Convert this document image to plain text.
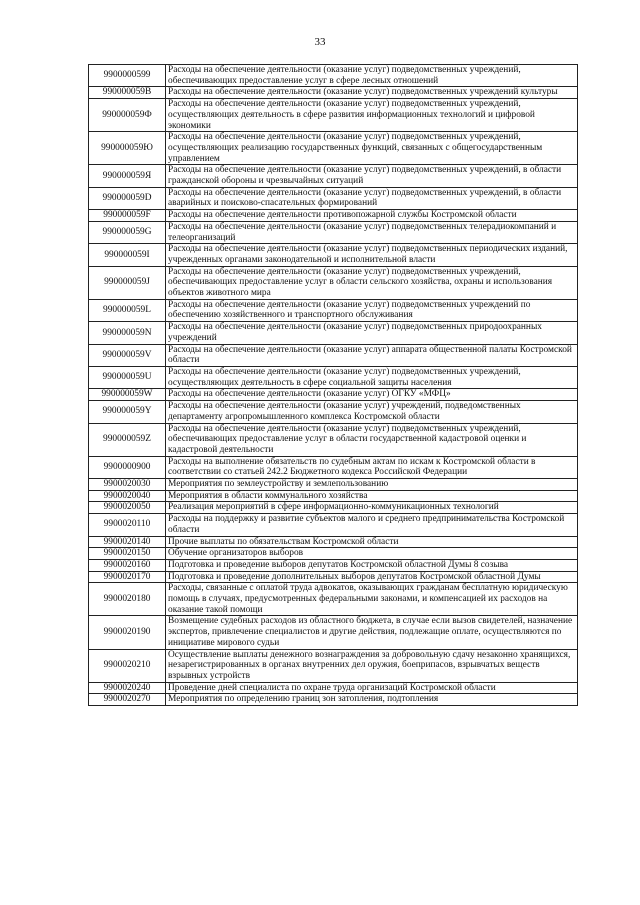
33
9900000599	Расходы на обеспечение деятельности (оказание услуг) подведомственных учреждений, обеспечивающих предоставление услуг в сфере лесных отношений
990000059B	Расходы на обеспечение деятельности (оказание услуг) подведомственных учреждений культуры
990000059Ф	Расходы на обеспечение деятельности (оказание услуг) подведомственных учреждений, осуществляющих деятельность в сфере развития информационных технологий и цифровой экономики
990000059Ю	Расходы на обеспечение деятельности (оказание услуг) подведомственных учреждений, осуществляющих реализацию государственных функций, связанных с общегосударственным управлением
990000059Я	Расходы на обеспечение деятельности (оказание услуг) подведомственных учреждений, в области гражданской обороны и чрезвычайных ситуаций
990000059D	Расходы на обеспечение деятельности (оказание услуг) подведомственных учреждений, в области аварийных и поисково-спасательных формирований
990000059F	Расходы на обеспечение деятельности противопожарной службы Костромской области
990000059G	Расходы на обеспечение деятельности (оказание услуг) подведомственных телерадиокомпаний и телеорганизаций
990000059I	Расходы на обеспечение деятельности (оказание услуг) подведомственных периодических изданий, учрежденных органами законодательной и исполнительной власти
990000059J	Расходы на обеспечение деятельности (оказание услуг) подведомственных учреждений, обеспечивающих предоставление услуг в области сельского хозяйства, охраны и использования объектов животного мира
990000059L	Расходы на обеспечение деятельности (оказание услуг) подведомственных учреждений по обеспечению хозяйственного и транспортного обслуживания
990000059N	Расходы на обеспечение деятельности (оказание услуг) подведомственных природоохранных учреждений
990000059V	Расходы на обеспечение деятельности (оказание услуг) аппарата общественной палаты Костромской области
990000059U	Расходы на обеспечение деятельности (оказание услуг) подведомственных учреждений, осуществляющих деятельность в сфере социальной защиты населения
990000059W	Расходы на обеспечение деятельности (оказание услуг) ОГКУ «МФЦ»
990000059Y	Расходы на обеспечение деятельности (оказание услуг) учреждений, подведомственных департаменту агропромышленного комплекса Костромской области
990000059Z	Расходы на обеспечение деятельности (оказание услуг) подведомственных учреждений, обеспечивающих предоставление услуг в области государственной кадастровой оценки и кадастровой деятельности
9900000900	Расходы на выполнение обязательств по судебным актам по искам к Костромской области в соответствии со статьей 242.2 Бюджетного кодекса Российской Федерации
9900020030	Мероприятия по землеустройству и землепользованию
9900020040	Мероприятия в области коммунального хозяйства
9900020050	Реализация мероприятий в сфере информационно-коммуникационных технологий
9900020110	Расходы на поддержку и развитие субъектов малого и среднего предпринимательства Костромской области
9900020140	Прочие выплаты по обязательствам Костромской области
9900020150	Обучение организаторов выборов
9900020160	Подготовка и проведение выборов депутатов Костромской областной Думы 8 созыва
9900020170	Подготовка и проведение дополнительных выборов депутатов Костромской областной Думы
9900020180	Расходы, связанные с оплатой труда адвокатов, оказывающих гражданам бесплатную юридическую помощь в случаях, предусмотренных федеральными законами, и компенсацией их расходов на оказание такой помощи
9900020190	Возмещение судебных расходов из областного бюджета, в случае если вызов свидетелей, назначение экспертов, привлечение специалистов и другие действия, подлежащие оплате, осуществляются по инициативе мирового судьи
9900020210	Осуществление выплаты денежного вознаграждения за добровольную сдачу незаконно хранящихся, незарегистрированных в органах внутренних дел оружия, боеприпасов, взрывчатых веществ взрывных устройств
9900020240	Проведение дней специалиста по охране труда организаций Костромской области
9900020270	Мероприятия по определению границ зон затопления, подтопления
